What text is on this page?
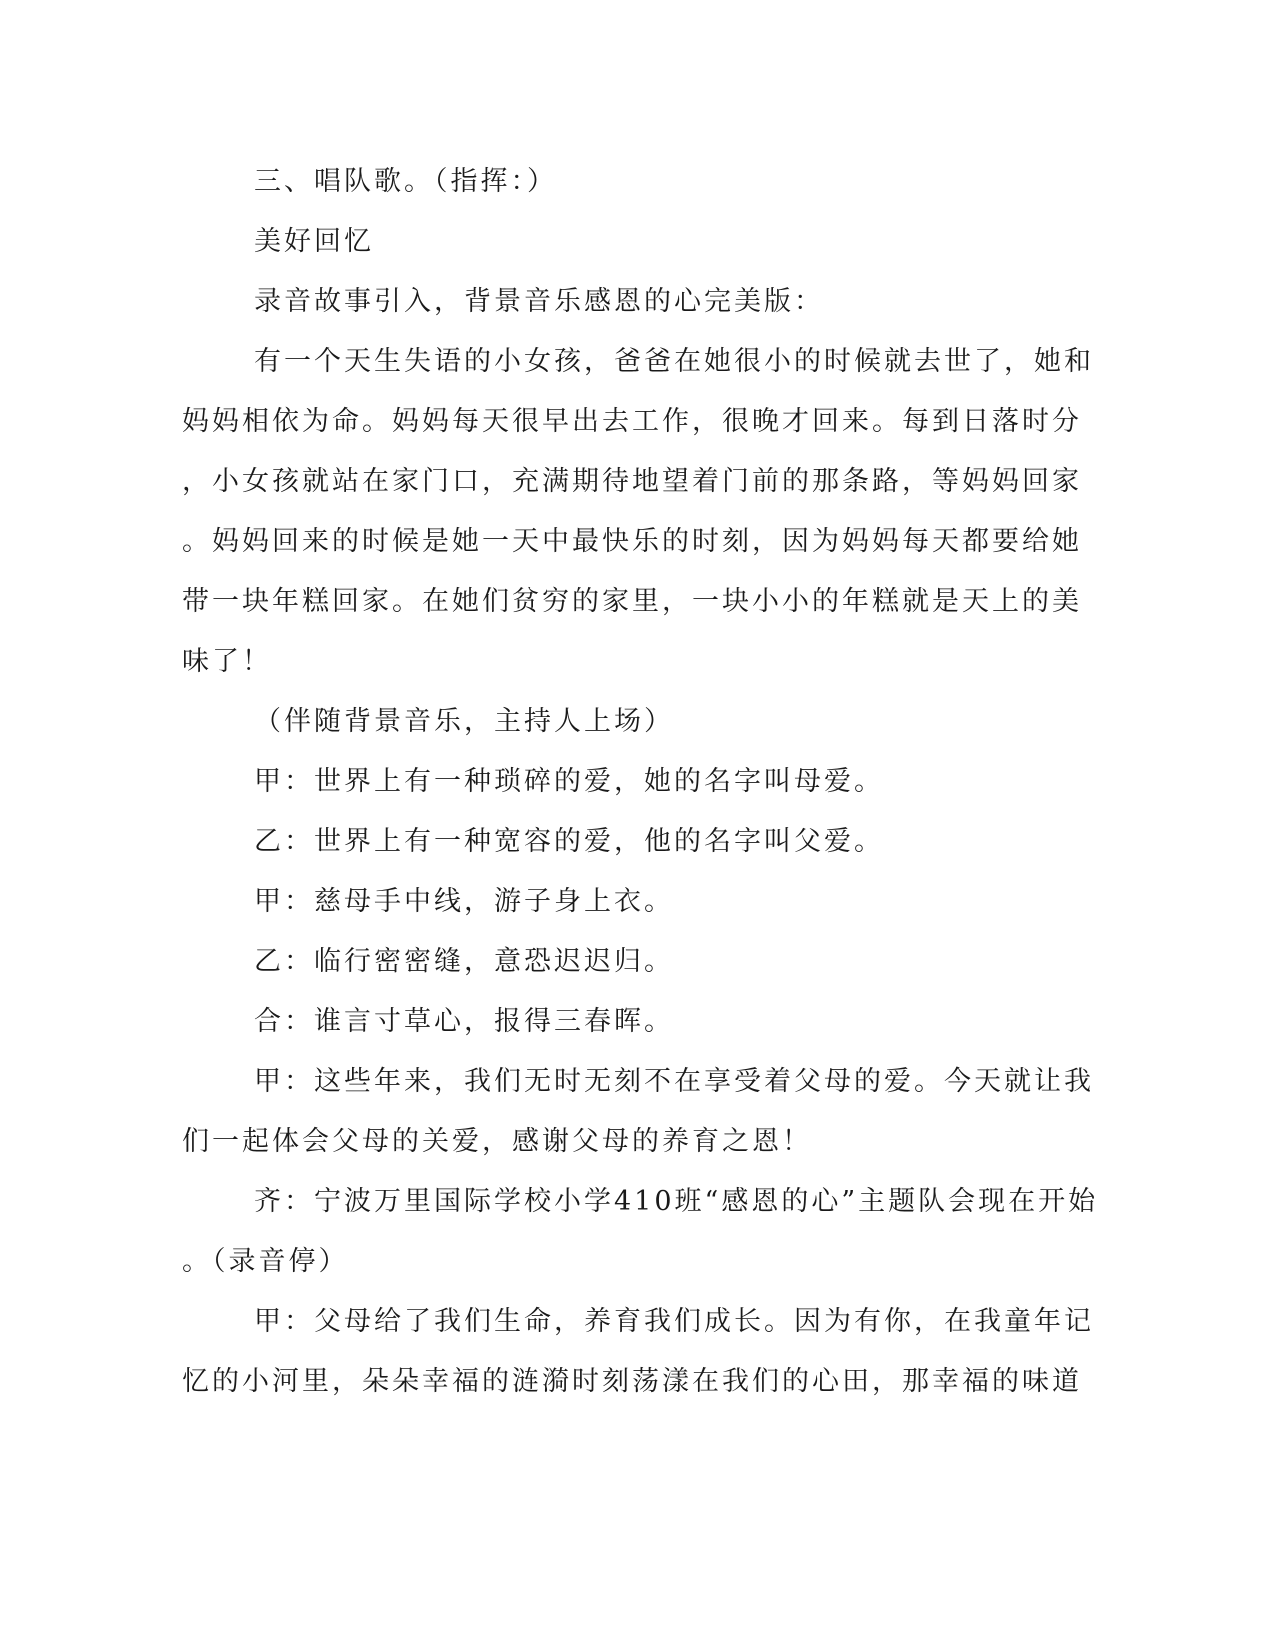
三、唱队歌。（指挥：）
美好回忆
录音故事引入，背景音乐感恩的心完美版：
有一个天生失语的小女孩，爸爸在她很小的时候就去世了，她和
妈妈相依为命。妈妈每天很早出去工作，很晚才回来。每到日落时分
，小女孩就站在家门口，充满期待地望着门前的那条路，等妈妈回家
。妈妈回来的时候是她一天中最快乐的时刻，因为妈妈每天都要给她
带一块年糕回家。在她们贫穷的家里，一块小小的年糕就是天上的美
味了！
（伴随背景音乐，主持人上场）
甲：世界上有一种琐碎的爱，她的名字叫母爱。
乙：世界上有一种宽容的爱，他的名字叫父爱。
甲：慈母手中线，游子身上衣。
乙：临行密密缝，意恐迟迟归。
合：谁言寸草心，报得三春晖。
甲：这些年来，我们无时无刻不在享受着父母的爱。今天就让我
们一起体会父母的关爱，感谢父母的养育之恩！
齐：宁波万里国际学校小学410班“感恩的心”主题队会现在开始
。（录音停）
甲：父母给了我们生命，养育我们成长。因为有你，在我童年记
忆的小河里，朵朵幸福的涟漪时刻荡漾在我们的心田，那幸福的味道
